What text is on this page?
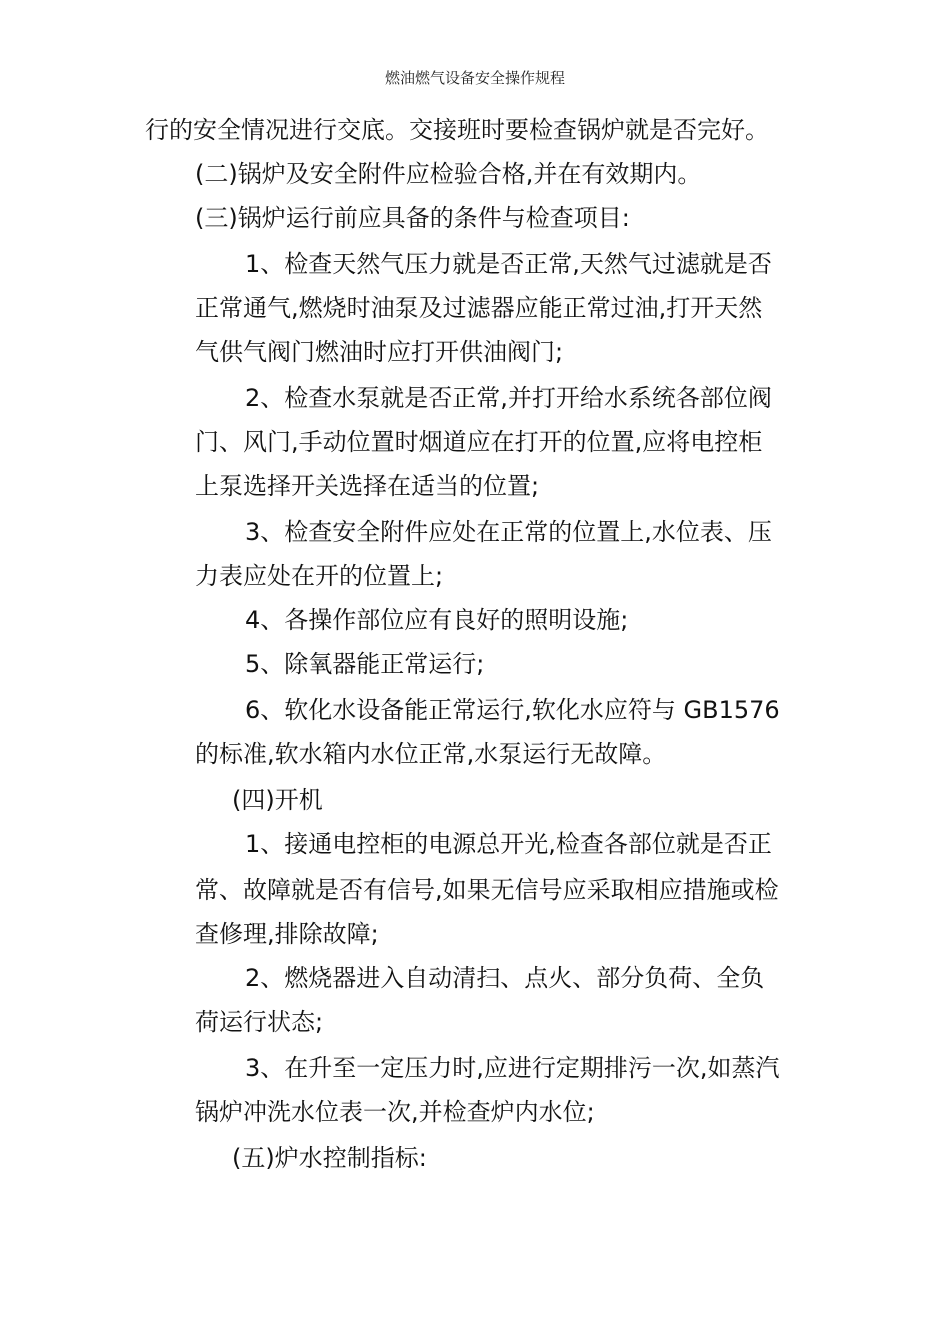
燃油燃气设备安全操作规程
行的安全情况进行交底。交接班时要检查锅炉就是否完好。
(二)锅炉及安全附件应检验合格,并在有效期内。
(三)锅炉运行前应具备的条件与检查项目:
1、检查天然气压力就是否正常,天然气过滤就是否
正常通气,燃烧时油泵及过滤器应能正常过油,打开天然
气供气阀门燃油时应打开供油阀门;
2、检查水泵就是否正常,并打开给水系统各部位阀
门、风门,手动位置时烟道应在打开的位置,应将电控柜
上泵选择开关选择在适当的位置;
3、检查安全附件应处在正常的位置上,水位表、压
力表应处在开的位置上;
4、各操作部位应有良好的照明设施;
5、除氧器能正常运行;
6、软化水设备能正常运行,软化水应符与 GB1576
的标准,软水箱内水位正常,水泵运行无故障。
(四)开机
1、接通电控柜的电源总开光,检查各部位就是否正
常、故障就是否有信号,如果无信号应采取相应措施或检
查修理,排除故障;
2、燃烧器进入自动清扫、点火、部分负荷、全负
荷运行状态;
3、在升至一定压力时,应进行定期排污一次,如蒸汽
锅炉冲洗水位表一次,并检查炉内水位;
(五)炉水控制指标:
